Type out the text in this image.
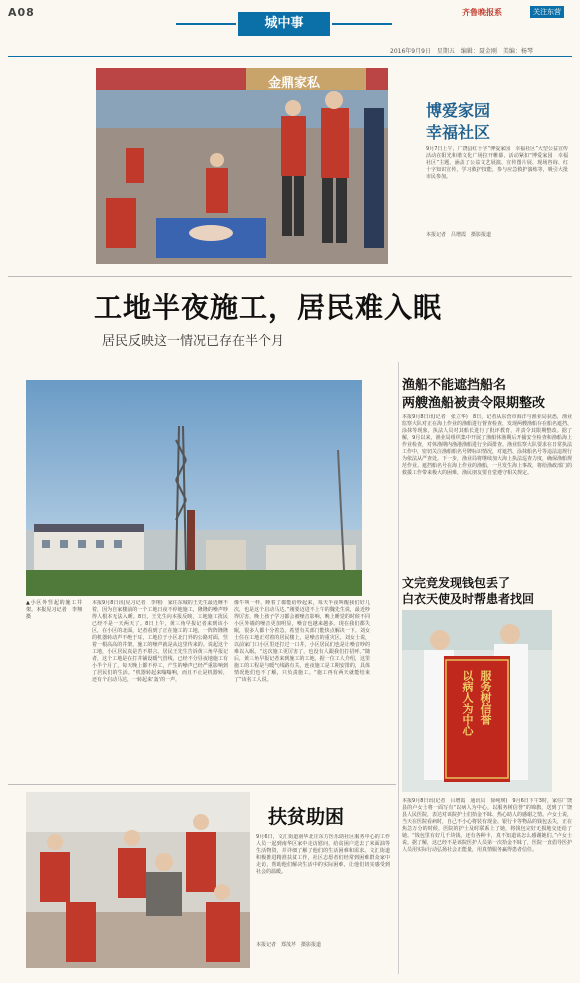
A08
城中事
齐鲁晚报系	关注东营
2016年9月9日　星期五　编辑：聂金刚　美编：杨琴
金鼎家私
博爱家园
幸福社区
9月7日上午，广饶县红十字“博爱家园　幸福社区”大型公益宣传活动在阳光和谐文化广场拉开帷幕，活动紧扣“博爱家园　幸福社区”主题，涵盖了公益文艺展演、宣传图片展、现场咨询、红十字知识宣传，学习救护技能，参与应急救护演练等，吸引大批市民参加。
本报记者　吕增霞　摄影报道
工地半夜施工，居民难入眠
居民反映这一情况已存在半个月
▲小区外竖起的施工井架。本报见习记者　李翔　摄
本报9月8日讯(见习记者　李翔)　家住东城的王先生最近睡不着，因为自家楼前的一个工地日夜不停地施工，隆隆的噪声吵得人根本无法入睡。8日，王先生向本报反映，工地施工扰民已经不是一天两天了。8日上午，黄三角早报记者来到该小区，在小区的北面，记者看到了正在施工的工地，一阵阵隆隆的机器转动声不绝于耳，工地位于小区北门外的公路对面，竖着一根高高的井架，施工的噪声就是从这里传来的。说起这个工地，小区居民真是苦不堪言。居民王先生告诉黄三角早报记者，这个工地是在打井铺设暖气管线，已经不分昼夜地施工有小半个月了，每天晚上都不停工，产生的噪声已经严重影响到了居民们的生活。“机器转起来嗡嗡响，而且不止是机器转，还有个启动马达，一转起来‘轰’的一声，
像牛叫一样，睡着了都能给吵起来，每天半夜叫醒我们好几次，也是这个启动马达。”刚要迈进不上午的魏先生说，最近吵得厉害，晚上孩子学习都会被噪音影响，晚上睡觉的时候不同小区外墙的噪音更加明显，噪音也越来越多。现在我们都失眠，很多人都十分着急，希望有关部门能快点解决一下。刘女士住在工地正对着的居民楼上，是噪音的重灾区。刘女士说，以前家门口小区里还打过一口井，小区居民们也是让噪音吵的难以入眠。“这次施工更厉害了，也没有人跟我们打招呼。”随后，黄三角早报记者来到施工的工地，据一位工人介绍，这里施工的工程是与暖气线路有关，连夜施工是工期安排的，具体情况他们也不了解，只负责施工。“施工再有两天就能结束了”该名工人说。
渔船不能遮挡船名
两艘渔船被责令限期整改
本报9月8日讯(记者　张立华)　8日，记者从东营市海洋与渔业局获悉，渔业监察大队对正在海上作业的渔船进行督查检查，发现两艘渔船存在船名遮挡、涂抹等现象，执法人员对其船长进行了批评教育，并责令其限期整改。据了解，9月以来，渔业局组织集中开展了渔船休渔期后开捕安全检查和渔船海上作业检查，对休渔期内渔港渔船进行全面排查。渔业监察大队要求在日常执法工作中，密切关注渔船船名号牌标识情况，对遮挡、涂抹船名号等违法违规行为依法从严查处。下一步，渔业局将继续加大海上执法巡查力度，确保渔船规范作业。遮挡船名号在海上作业的渔船，一旦发生海上事故，将给渔政部门的救援工作带来极大的困难，渔民朋友要自觉遵守相关规定。
文完竞发现钱包丢了
白衣天使及时帮患者找回
以病人为中心 服务树信誉
本报9月8日讯(记者　吕增霞　通讯员　徐纯瑛)　9月6日下午3时，家住广饶县的卢女士将一面写有“以病人为中心，以服务树信誉”的锦旗，送到了广饶县人民医院，表达对该院护士们拾金不昧、热心助人的感谢之情。卢女士说，当天在医院看病时，自己不小心将装有现金、银行卡等物品的钱包丢失，正在焦急万分的时候，医院的护士及时联系上了她，将钱包完好无损地交还给了她。“钱包里有好几千块钱，还有各种卡，真不知道该怎么感谢她们。”卢女士说。据了解，这已经不是该院医护人员第一次拾金不昧了，医院一直倡导医护人员用实际行动弘扬社会正能量，用真情服务赢得患者信任。
扶贫助困
9月6日，文汇街道南华北庄东方医乐助社区服务中心的工作人员一起到南华区家中走访慰问，给贫困户送去了米面油等生活物资，并详细了解了他们的生活困难和需求。文汇街道积极推进精准扶贫工作，社区志愿者们经常到困难群众家中走访，帮助他们解决生活中的实际困难，让他们切实感受到社会的温暖。
本报记者　郑茂芹　摄影报道
